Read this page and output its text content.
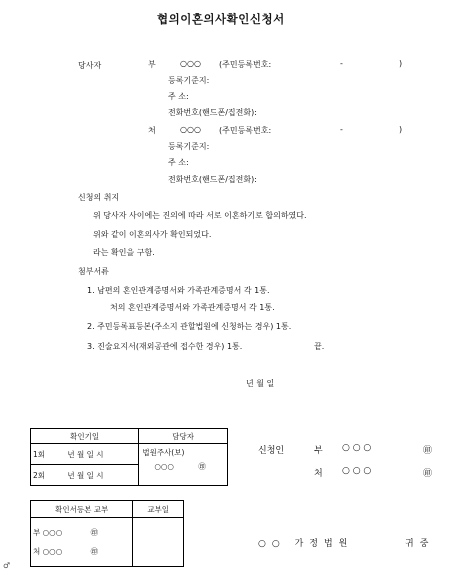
협의이혼의사확인신청서
당사자	부	○○○ (주민등록번호:	-	)
등록기준지:
주 소:
전화번호(핸드폰/집전화):
처	○○○ (주민등록번호:	-	)
등록기준지:
주 소:
전화번호(핸드폰/집전화):
신청의 취지
위 당사자 사이에는 진의에 따라 서로 이혼하기로 합의하였다.
위와 같이 이혼의사가 확인되었다.
라는 확인을 구함.
첨부서류
1. 남편의 혼인관계증명서와 가족관계증명서 각 1통.
처의 혼인관계증명서와 가족관계증명서 각 1통.
2. 주민등록표등본(주소지 관할법원에 신청하는 경우) 1통.
3. 진술요지서(재외공관에 접수한 경우) 1통.	끝.
년 월 일
확인기일	담당자
1회 년 월 일 시	법원주사(보)
○○○ ㊞

2회 년 월 일 시	
확인서등본 교부	교부일

부 ○○○ ㊞
처 ○○○ ㊞	

신청인	부 ○ ○ ○	㊞
처 ○ ○ ○	㊞
○○ 가정법원	귀중
♂
